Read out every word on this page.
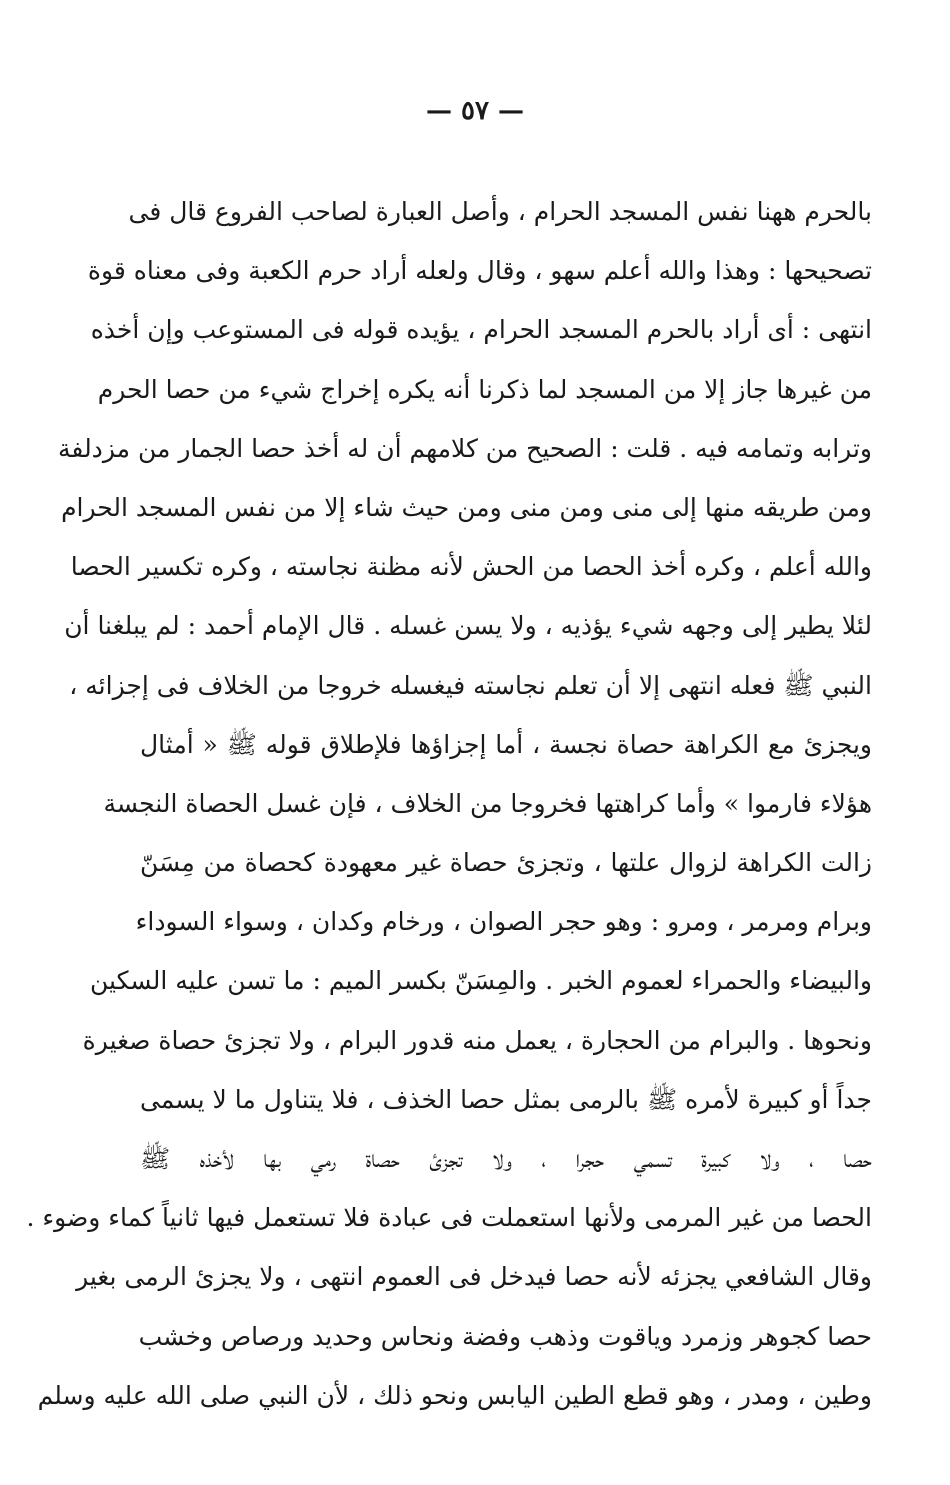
— ٥٧ —
بالحرم ههنا نفس المسجد الحرام ، وأصل العبارة لصاحب الفروع قال فى
تصحيحها : وهذا والله أعلم سهو ، وقال ولعله أراد حرم الكعبة وفى معناه قوة
انتهى : أى أراد بالحرم المسجد الحرام ، يؤيده قوله فى المستوعب وإن أخذه
من غيرها جاز إلا من المسجد لما ذكرنا أنه يكره إخراج شيء من حصا الحرم
وترابه وتمامه فيه . قلت : الصحيح من كلامهم أن له أخذ حصا الجمار من مزدلفة
ومن طريقه منها إلى منى ومن منى ومن حيث شاء إلا من نفس المسجد الحرام
والله أعلم ، وكره أخذ الحصا من الحش لأنه مظنة نجاسته ، وكره تكسير الحصا
لئلا يطير إلى وجهه شيء يؤذيه ، ولا يسن غسله . قال الإمام أحمد : لم يبلغنا أن
النبي ﷺ فعله انتهى إلا أن تعلم نجاسته فيغسله خروجا من الخلاف فى إجزائه ،
ويجزئ مع الكراهة حصاة نجسة ، أما إجزاؤها فلإطلاق قوله ﷺ « أمثال
هؤلاء فارموا » وأما كراهتها فخروجا من الخلاف ، فإن غسل الحصاة النجسة
زالت الكراهة لزوال علتها ، وتجزئ حصاة غير معهودة كحصاة من مِسَنّ
وبرام ومرمر ، ومرو : وهو حجر الصوان ، ورخام وكدان ، وسواء السوداء
والبيضاء والحمراء لعموم الخبر . والمِسَنّ بكسر الميم : ما تسن عليه السكين
ونحوها . والبرام من الحجارة ، يعمل منه قدور البرام ، ولا تجزئ حصاة صغيرة
جداً أو كبيرة لأمره ﷺ بالرمى بمثل حصا الخذف ، فلا يتناول ما لا يسمى
حصا ، ولا كبيرة تسمي حجرا ، ولا تجزئ حصاة رمي بها لأخذه ﷺ
الحصا من غير المرمى ولأنها استعملت فى عبادة فلا تستعمل فيها ثانياً كماء وضوء .
وقال الشافعي يجزئه لأنه حصا فيدخل فى العموم انتهى ، ولا يجزئ الرمى بغير
حصا كجوهر وزمرد وياقوت وذهب وفضة ونحاس وحديد ورصاص وخشب
وطين ، ومدر ، وهو قطع الطين اليابس ونحو ذلك ، لأن النبي صلى الله عليه وسلم
